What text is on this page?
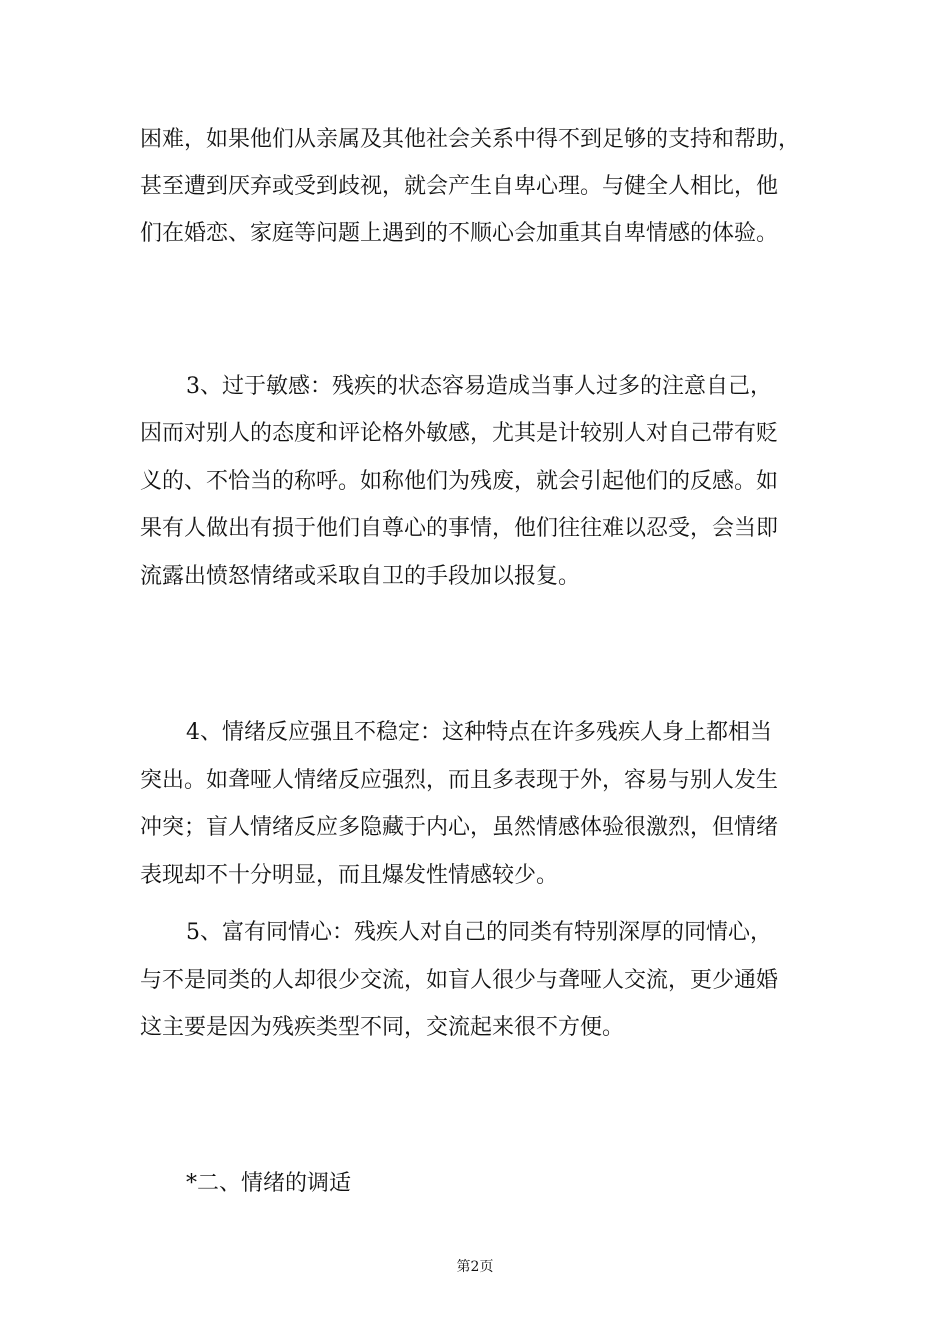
困难，如果他们从亲属及其他社会关系中得不到足够的支持和帮助，
甚至遭到厌弃或受到歧视，就会产生自卑心理。与健全人相比，他
们在婚恋、家庭等问题上遇到的不顺心会加重其自卑情感的体验。
3、过于敏感：残疾的状态容易造成当事人过多的注意自己，
因而对别人的态度和评论格外敏感，尤其是计较别人对自己带有贬
义的、不恰当的称呼。如称他们为残废，就会引起他们的反感。如
果有人做出有损于他们自尊心的事情，他们往往难以忍受，会当即
流露出愤怒情绪或采取自卫的手段加以报复。
4、情绪反应强且不稳定：这种特点在许多残疾人身上都相当
突出。如聋哑人情绪反应强烈，而且多表现于外，容易与别人发生
冲突；盲人情绪反应多隐藏于内心，虽然情感体验很激烈，但情绪
表现却不十分明显，而且爆发性情感较少。
5、富有同情心：残疾人对自己的同类有特别深厚的同情心，
与不是同类的人却很少交流，如盲人很少与聋哑人交流，更少通婚
这主要是因为残疾类型不同，交流起来很不方便。
*二、情绪的调适
第2页
